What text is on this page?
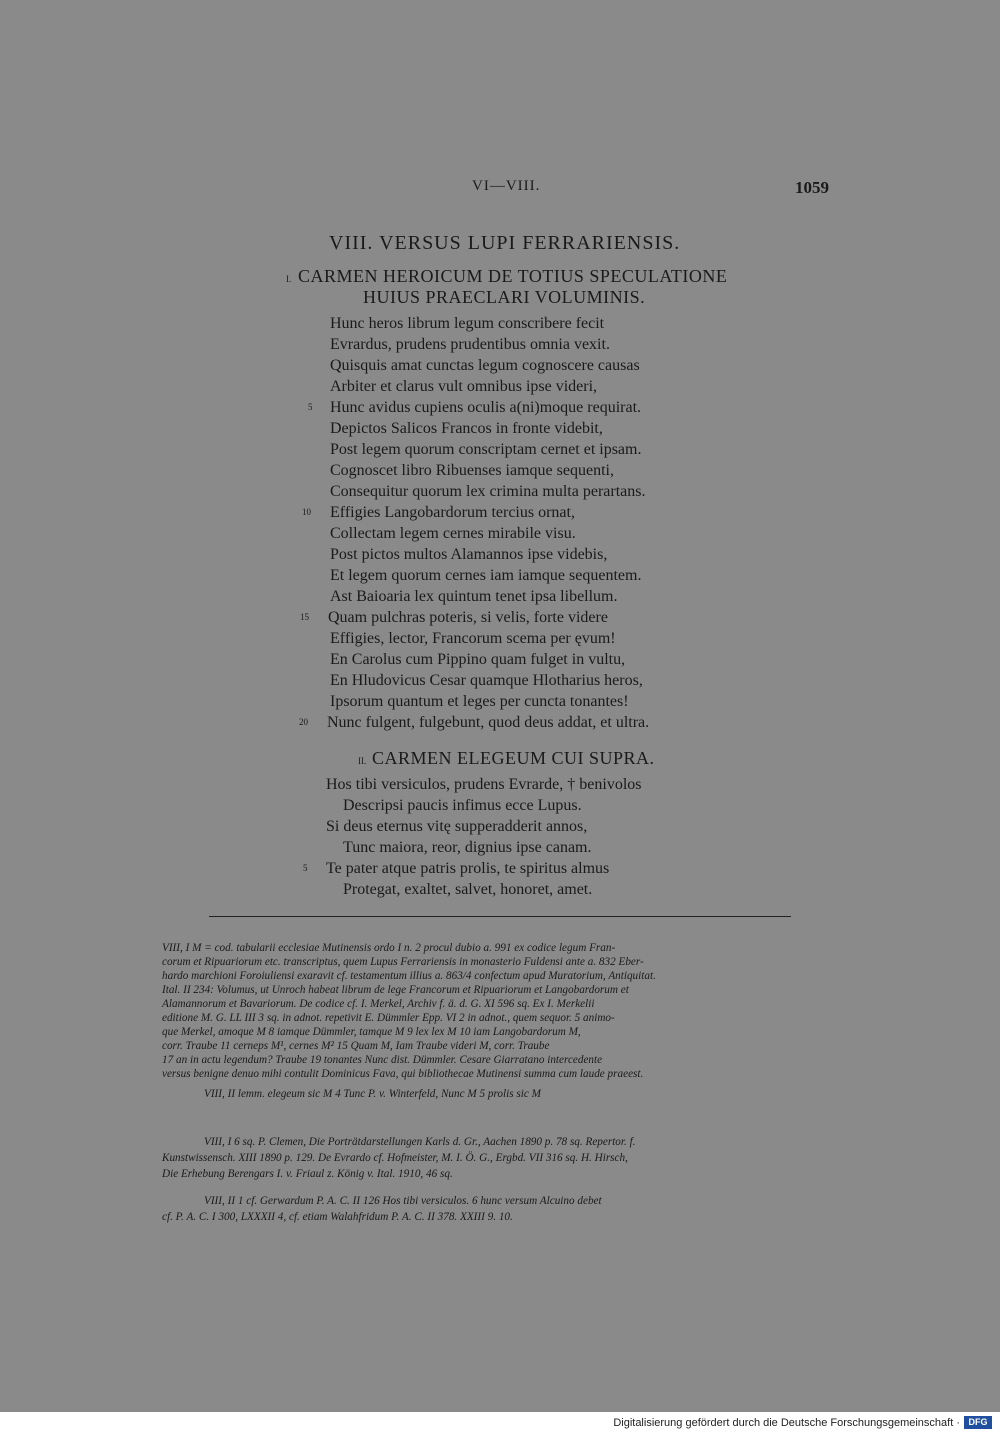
VI—VIII.	1059
VIII. VERSUS LUPI FERRARIENSIS.
I. CARMEN HEROICUM DE TOTIUS SPECULATIONE
HUIUS PRAECLARI VOLUMINIS.
Hunc heros librum legum conscribere fecit
Evrardus, prudens prudentibus omnia vexit.
Quisquis amat cunctas legum cognoscere causas
Arbiter et clarus vult omnibus ipse videri,
5 Hunc avidus cupiens oculis a(ni)moque requirat.
Depictos Salicos Francos in fronte videbit,
Post legem quorum conscriptam cernet et ipsam.
Cognoscet libro Ribuenses iamque sequenti,
Consequitur quorum lex crimina multa perartans.
10 Effigies Langobardorum tercius ornat,
Collectam legem cernes mirabile visu.
Post pictos multos Alamannos ipse videbis,
Et legem quorum cernes iam iamque sequentem.
Ast Baioaria lex quintum tenet ipsa libellum.
15 Quam pulchras poteris, si velis, forte videre
Effigies, lector, Francorum scema per ęvum!
En Carolus cum Pippino quam fulget in vultu,
En Hludovicus Cesar quamque Hlotharius heros,
Ipsorum quantum et leges per cuncta tonantes!
20 Nunc fulgent, fulgebunt, quod deus addat, et ultra.
II. CARMEN ELEGEUM CUI SUPRA.
Hos tibi versiculos, prudens Evrarde, † benivolos
Descripsi paucis infimus ecce Lupus.
Si deus eternus vitę supperadderit annos,
Tunc maiora, reor, dignius ipse canam.
5 Te pater atque patris prolis, te spiritus almus
Protegat, exaltet, salvet, honoret, amet.
VIII, I M = cod. tabularii ecclesiae Mutinensis ordo I n. 2 procul dubio a. 991 ex codice legum Fran-
corum et Ripuariorum etc. transcriptus, quem Lupus Ferrariensis in monasterio Fuldensi ante a. 832 Eber-
hardo marchioni Foroiuliensi exaravit cf. testamentum illius a. 863/4 confectum apud Muratorium, Antiquitat.
Ital. II 234: Volumus, ut Unroch habeat librum de lege Francorum et Ripuariorum et Langobardorum et
Alamannorum et Bavariorum. De codice cf. I. Merkel, Archiv f. ä. d. G. XI 596 sq. Ex I. Merkelii
editione M. G. LL III 3 sq. in adnot. repetivit E. Dümmler Epp. VI 2 in adnot., quem sequor. 5 animo-
que Merkel, amoque M 8 iamque Dümmler, tamque M 9 lex lex M 10 iam Langobardorum M,
corr. Traube 11 cerneps M¹, cernes M² 15 Quam M, Iam Traube videri M, corr. Traube
17 an in actu legendum? Traube 19 tonantes Nunc dist. Dümmler. Cesare Giarratano intercedente
versus benigne denuo mihi contulit Dominicus Fava, qui bibliothecae Mutinensi summa cum laude praeest.
VIII, II lemm. elegeum sic M 4 Tunc P. v. Winterfeld, Nunc M 5 prolis sic M
VIII, I 6 sq. P. Clemen, Die Porträtdarstellungen Karls d. Gr., Aachen 1890 p. 78 sq. Repertor. f.
Kunstwissensch. XIII 1890 p. 129. De Evrardo cf. Hofmeister, M. I. Ö. G., Ergbd. VII 316 sq. H. Hirsch,
Die Erhebung Berengars I. v. Friaul z. König v. Ital. 1910, 46 sq.
VIII, II 1 cf. Gerwardum P. A. C. II 126 Hos tibi versiculos. 6 hunc versum Alcuino debet
cf. P. A. C. I 300, LXXXII 4, cf. etiam Walahfridum P. A. C. II 378. XXIII 9. 10.
Digitalisierung gefördert durch die Deutsche Forschungsgemeinschaft · DFG
